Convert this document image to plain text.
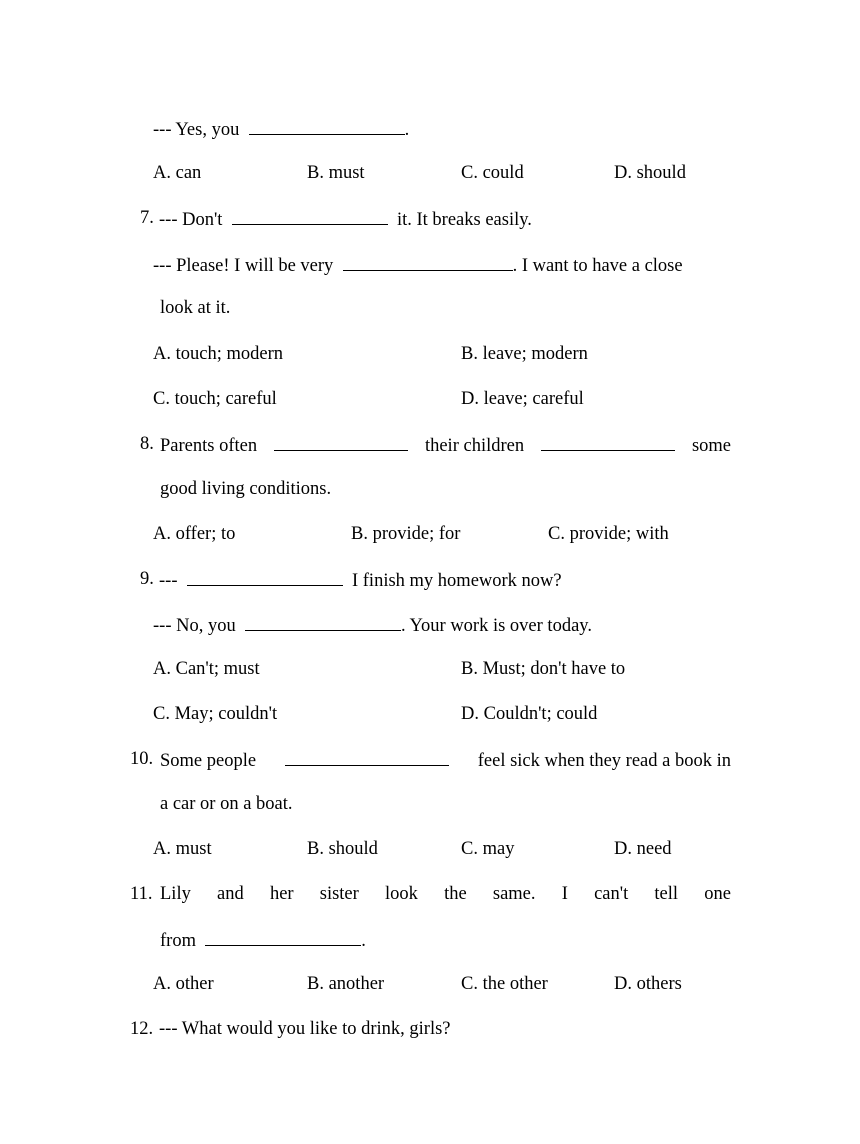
--- Yes, you	.
A. can	B. must	C. could	D. should
7. --- Don't	it. It breaks easily.
--- Please! I will be very	. I want to have a close
look at it.
A. touch; modern	B. leave; modern
C. touch; careful	D. leave; careful
8. Parents often	their children	some
good living conditions.
A. offer; to	B. provide; for	C. provide; with
9. ---	I finish my homework now?
--- No, you	. Your work is over today.
A. Can't; must	B. Must; don't have to
C. May; couldn't	D. Couldn't; could
10. Some people	feel sick when they read a book in
a car or on a boat.
A. must	B. should	C. may	D. need
11. Lily and her sister look the same. I can't tell one
from	.
A. other	B. another	C. the other	D. others
12. --- What would you like to drink, girls?
